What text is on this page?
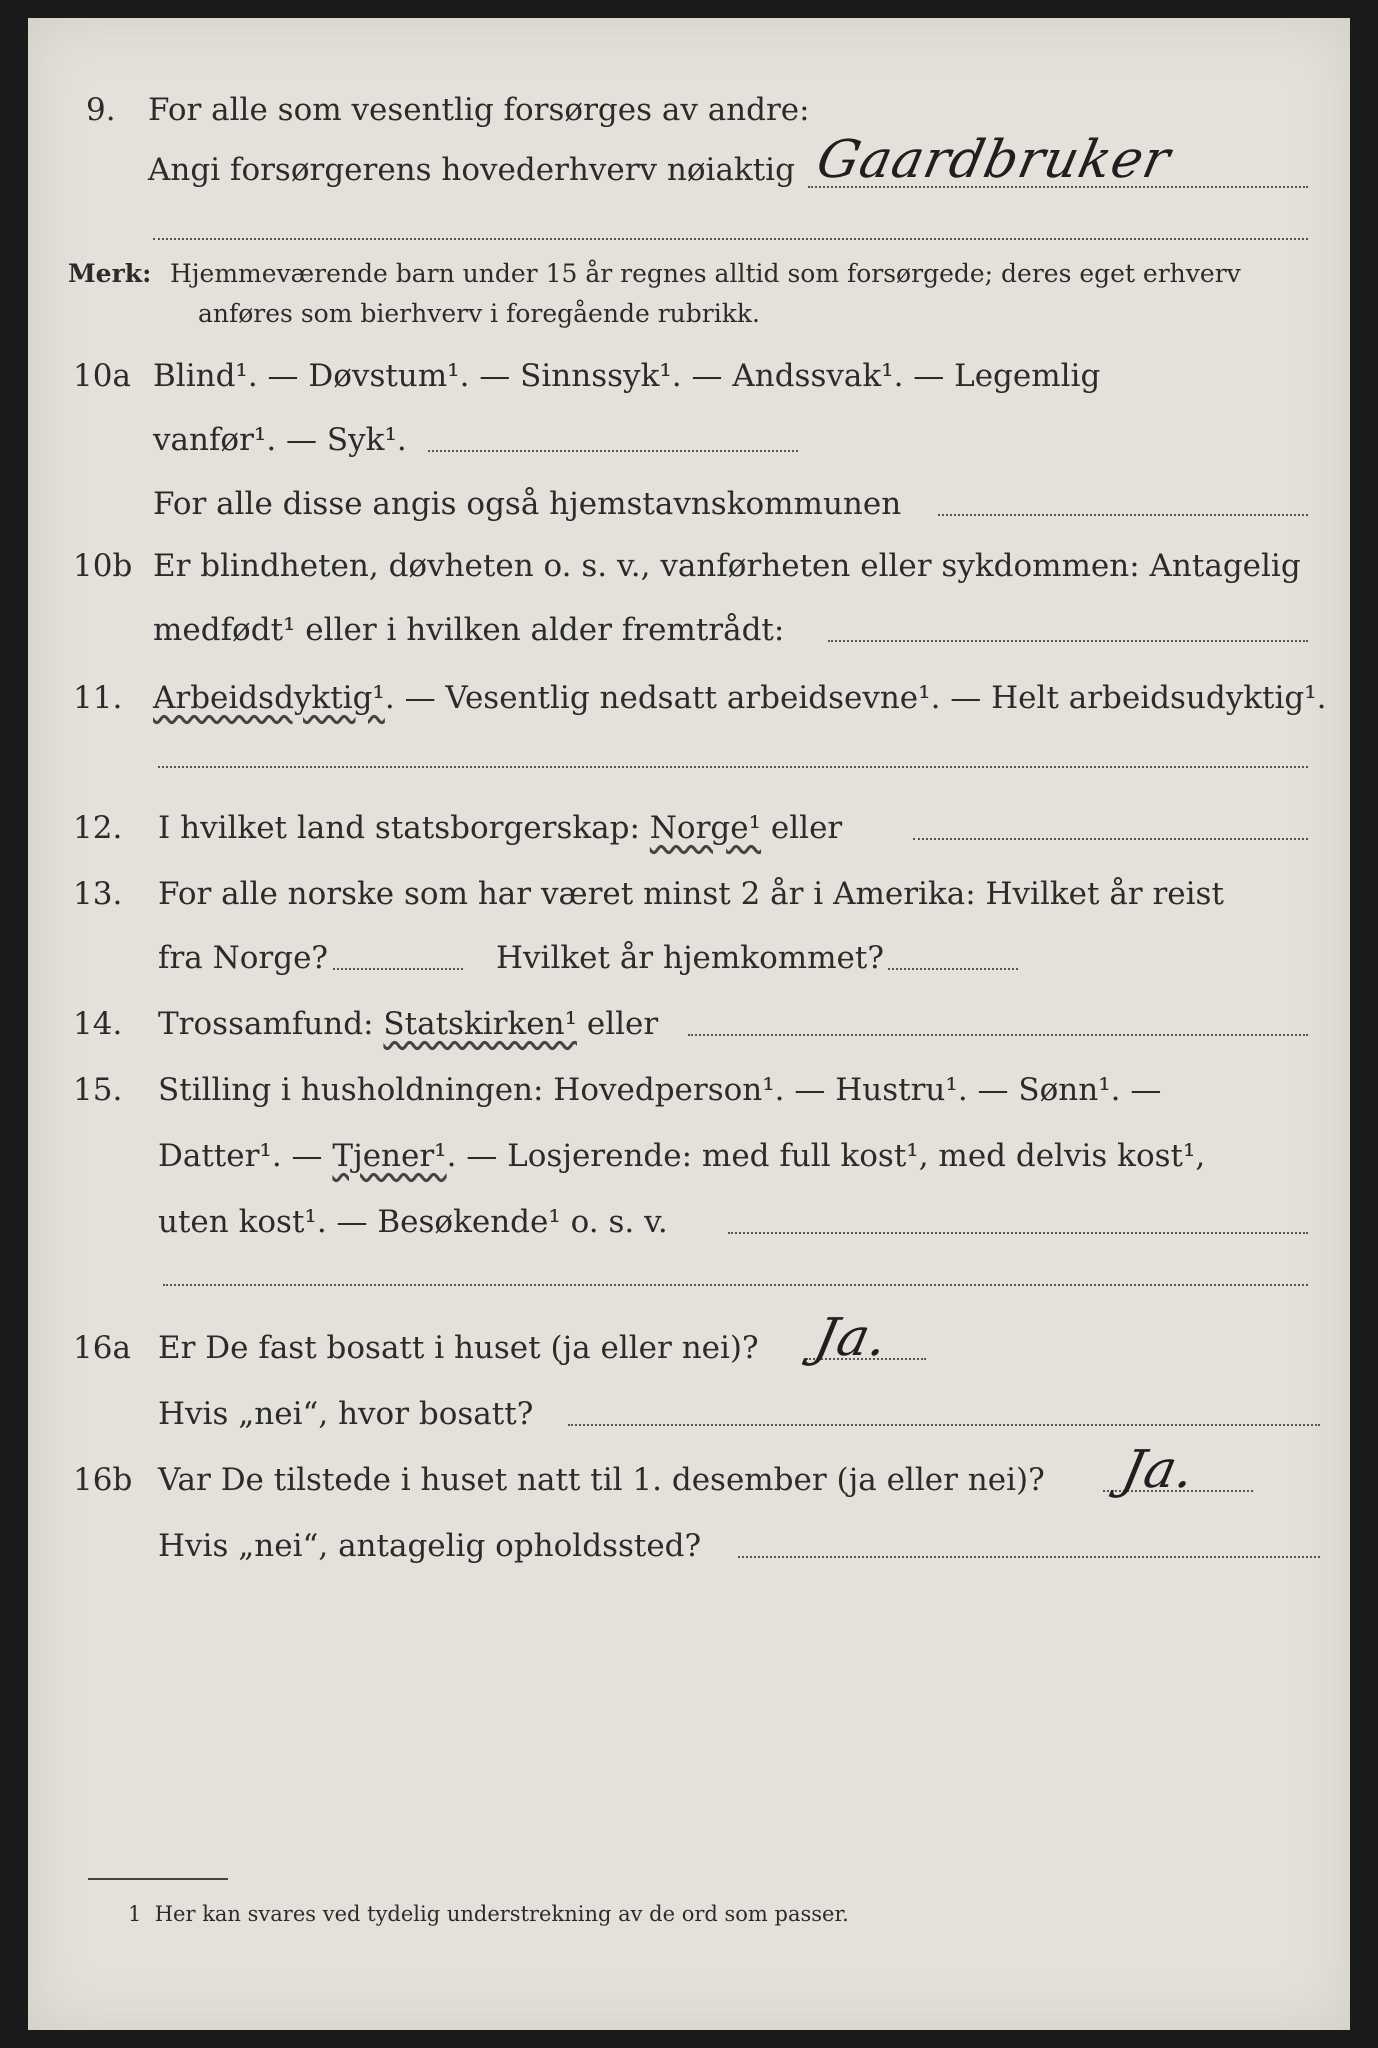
9. For alle som vesentlig forsørges av andre:
Angi forsørgerens hovederhverv nøiaktig Gaardbruker
Merk: Hjemmeværende barn under 15 år regnes alltid som forsørgede; deres eget erhverv
anføres som bierhverv i foregående rubrikk.
10a Blind¹. — Døvstum¹. — Sinnssyk¹. — Andssvak¹. — Legemlig
vanfør¹. — Syk¹.
For alle disse angis også hjemstavnskommunen
10b Er blindheten, døvheten o. s. v., vanførheten eller sykdommen: Antagelig
medfødt¹ eller i hvilken alder fremtrådt:
11. Arbeidsdyktig¹. — Vesentlig nedsatt arbeidsevne¹. — Helt arbeidsudyktig¹.
12. I hvilket land statsborgerskap: Norge¹ eller
13. For alle norske som har været minst 2 år i Amerika: Hvilket år reist
fra Norge?	Hvilket år hjemkommet?
14. Trossamfund: Statskirken¹ eller
15. Stilling i husholdningen: Hovedperson¹. — Hustru¹. — Sønn¹. —
Datter¹. — Tjener¹. — Losjerende: med full kost¹, med delvis kost¹,
uten kost¹. — Besøkende¹ o. s. v.
16a Er De fast bosatt i huset (ja eller nei)? Ja.
Hvis „nei“, hvor bosatt?
16b Var De tilstede i huset natt til 1. desember (ja eller nei)? Ja.
Hvis „nei“, antagelig opholdssted?
1 Her kan svares ved tydelig understrekning av de ord som passer.
